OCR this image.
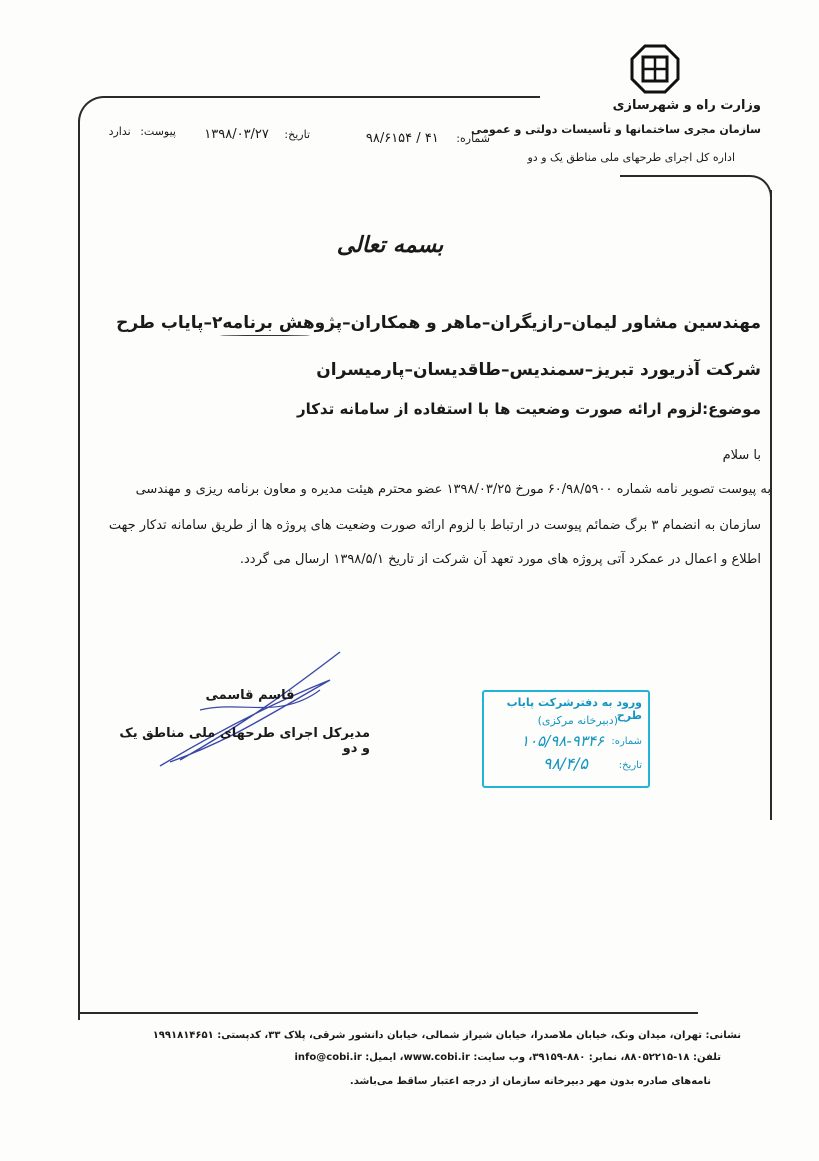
وزارت راه و شهرسازی
سازمان مجری ساختمانها و تأسیسات دولتی و عمومی
اداره کل اجرای طرحهای ملی مناطق یک و دو
شماره: ۴۱ / ۹۸/۶۱۵۴
تاریخ: ۱۳۹۸/۰۳/۲۷
پیوست: ندارد
بسمه تعالی
مهندسین مشاور لیمان–رازیگران–ماهر و همکاران–پژوهش برنامه۲–پایاب طرح
شرکت آذریورد تبریز–سمندیس–طاقدیسان–پارمیسران
موضوع:لزوم ارائه صورت وضعیت ها با استفاده از سامانه تدکار
با سلام
به پیوست تصویر نامه شماره ۶۰/۹۸/۵۹۰۰ مورخ ۱۳۹۸/۰۳/۲۵ عضو محترم هیئت مدیره و معاون برنامه ریزی و مهندسی
سازمان به انضمام ۳ برگ ضمائم پیوست در ارتباط با لزوم ارائه صورت وضعیت های پروژه ها از طریق سامانه تدکار جهت
اطلاع و اعمال در عمکرد آتی پروژه های مورد تعهد آن شرکت از تاریخ ۱۳۹۸/۵/۱ ارسال می گردد.
قاسم قاسمی
مدیرکل اجرای طرحهای ملی مناطق یک و دو
ورود به دفترشرکت پایاب طرح
(دبیرخانه مرکزی)
شماره:
۱۰۵/۹۸-۹۳۴۶
تاریخ:
۹۸/۴/۵
نشانی: تهران، میدان ونک، خیابان ملاصدرا، خیابان شیراز شمالی، خیابان دانشور شرقی، پلاک ۳۳، کدپستی: ۱۹۹۱۸۱۴۶۵۱
تلفن: ۱۸-۸۸۰۵۲۲۱۵، نمابر: ۸۸۰-۳۹۱۵۹، وب سایت: www.cobi.ir، ایمیل: info@cobi.ir
نامه‌های صادره بدون مهر دبیرخانه سازمان از درجه اعتبار ساقط می‌باشد.
